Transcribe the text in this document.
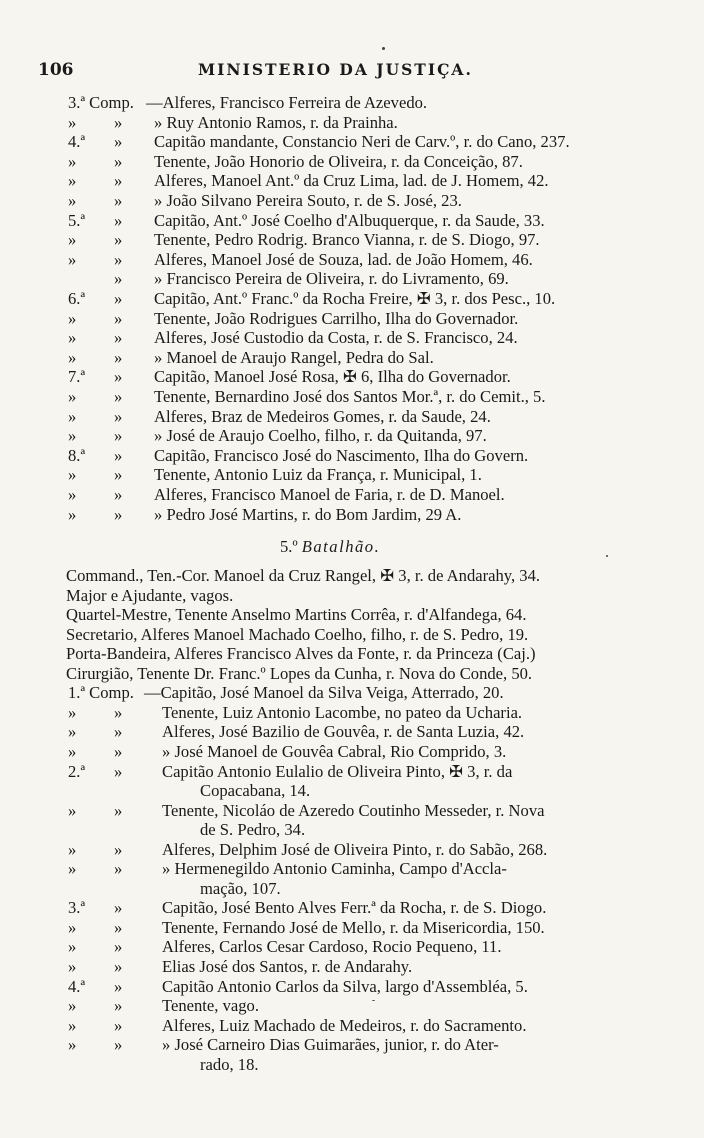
106	MINISTERIO DA JUSTIÇA.
3.ª Comp. —Alferes, Francisco Ferreira de Azevedo.
» » » Ruy Antonio Ramos, r. da Prainha.
4.ª » Capitão mandante, Constancio Neri de Carv.º, r. do Cano, 237.
» » Tenente, João Honorio de Oliveira, r. da Conceição, 87.
» » Alferes, Manoel Ant.º da Cruz Lima, lad. de J. Homem, 42.
» » » João Silvano Pereira Souto, r. de S. José, 23.
5.ª » Capitão, Ant.º José Coelho d'Albuquerque, r. da Saude, 33.
» » Tenente, Pedro Rodrig. Branco Vianna, r. de S. Diogo, 97.
» » Alferes, Manoel José de Souza, lad. de João Homem, 46.
» » Francisco Pereira de Oliveira, r. do Livramento, 69.
6.ª » Capitão, Ant.º Franc.º da Rocha Freire, ✠ 3, r. dos Pesc., 10.
» » Tenente, João Rodrigues Carrilho, Ilha do Governador.
» » Alferes, José Custodio da Costa, r. de S. Francisco, 24.
» » » Manoel de Araujo Rangel, Pedra do Sal.
7.ª » Capitão, Manoel José Rosa, ✠ 6, Ilha do Governador.
» » Tenente, Bernardino José dos Santos Mor.ª, r. do Cemit., 5.
» » Alferes, Braz de Medeiros Gomes, r. da Saude, 24.
» » » José de Araujo Coelho, filho, r. da Quitanda, 97.
8.ª » Capitão, Francisco José do Nascimento, Ilha do Govern.
» » Tenente, Antonio Luiz da França, r. Municipal, 1.
» » Alferes, Francisco Manoel de Faria, r. de D. Manoel.
» » » Pedro José Martins, r. do Bom Jardim, 29 A.
5.º Batalhão.
Command., Ten.-Cor. Manoel da Cruz Rangel, ✠ 3, r. de Andarahy, 34.
Major e Ajudante, vagos.
Quartel-Mestre, Tenente Anselmo Martins Corrêa, r. d'Alfandega, 64.
Secretario, Alferes Manoel Machado Coelho, filho, r. de S. Pedro, 19.
Porta-Bandeira, Alferes Francisco Alves da Fonte, r. da Princeza (Caj.)
Cirurgião, Tenente Dr. Franc.º Lopes da Cunha, r. Nova do Conde, 50.
1.ª Comp. —Capitão, José Manoel da Silva Veiga, Atterrado, 20.
» » Tenente, Luiz Antonio Lacombe, no pateo da Ucharia.
» » Alferes, José Bazilio de Gouvêa, r. de Santa Luzia, 42.
» » » José Manoel de Gouvêa Cabral, Rio Comprido, 3.
2.ª » Capitão Antonio Eulalio de Oliveira Pinto, ✠ 3, r. da
Copacabana, 14.
» » Tenente, Nicoláo de Azeredo Coutinho Messeder, r. Nova
de S. Pedro, 34.
» » Alferes, Delphim José de Oliveira Pinto, r. do Sabão, 268.
» » » Hermenegildo Antonio Caminha, Campo d'Accla-
mação, 107.
3.ª » Capitão, José Bento Alves Ferr.ª da Rocha, r. de S. Diogo.
» » Tenente, Fernando José de Mello, r. da Misericordia, 150.
» » Alferes, Carlos Cesar Cardoso, Rocio Pequeno, 11.
» » Elias José dos Santos, r. de Andarahy.
4.ª » Capitão Antonio Carlos da Silva, largo d'Assembléa, 5.
» » Tenente, vago.
» » Alferes, Luiz Machado de Medeiros, r. do Sacramento.
» » » José Carneiro Dias Guimarães, junior, r. do Ater-
rado, 18.
